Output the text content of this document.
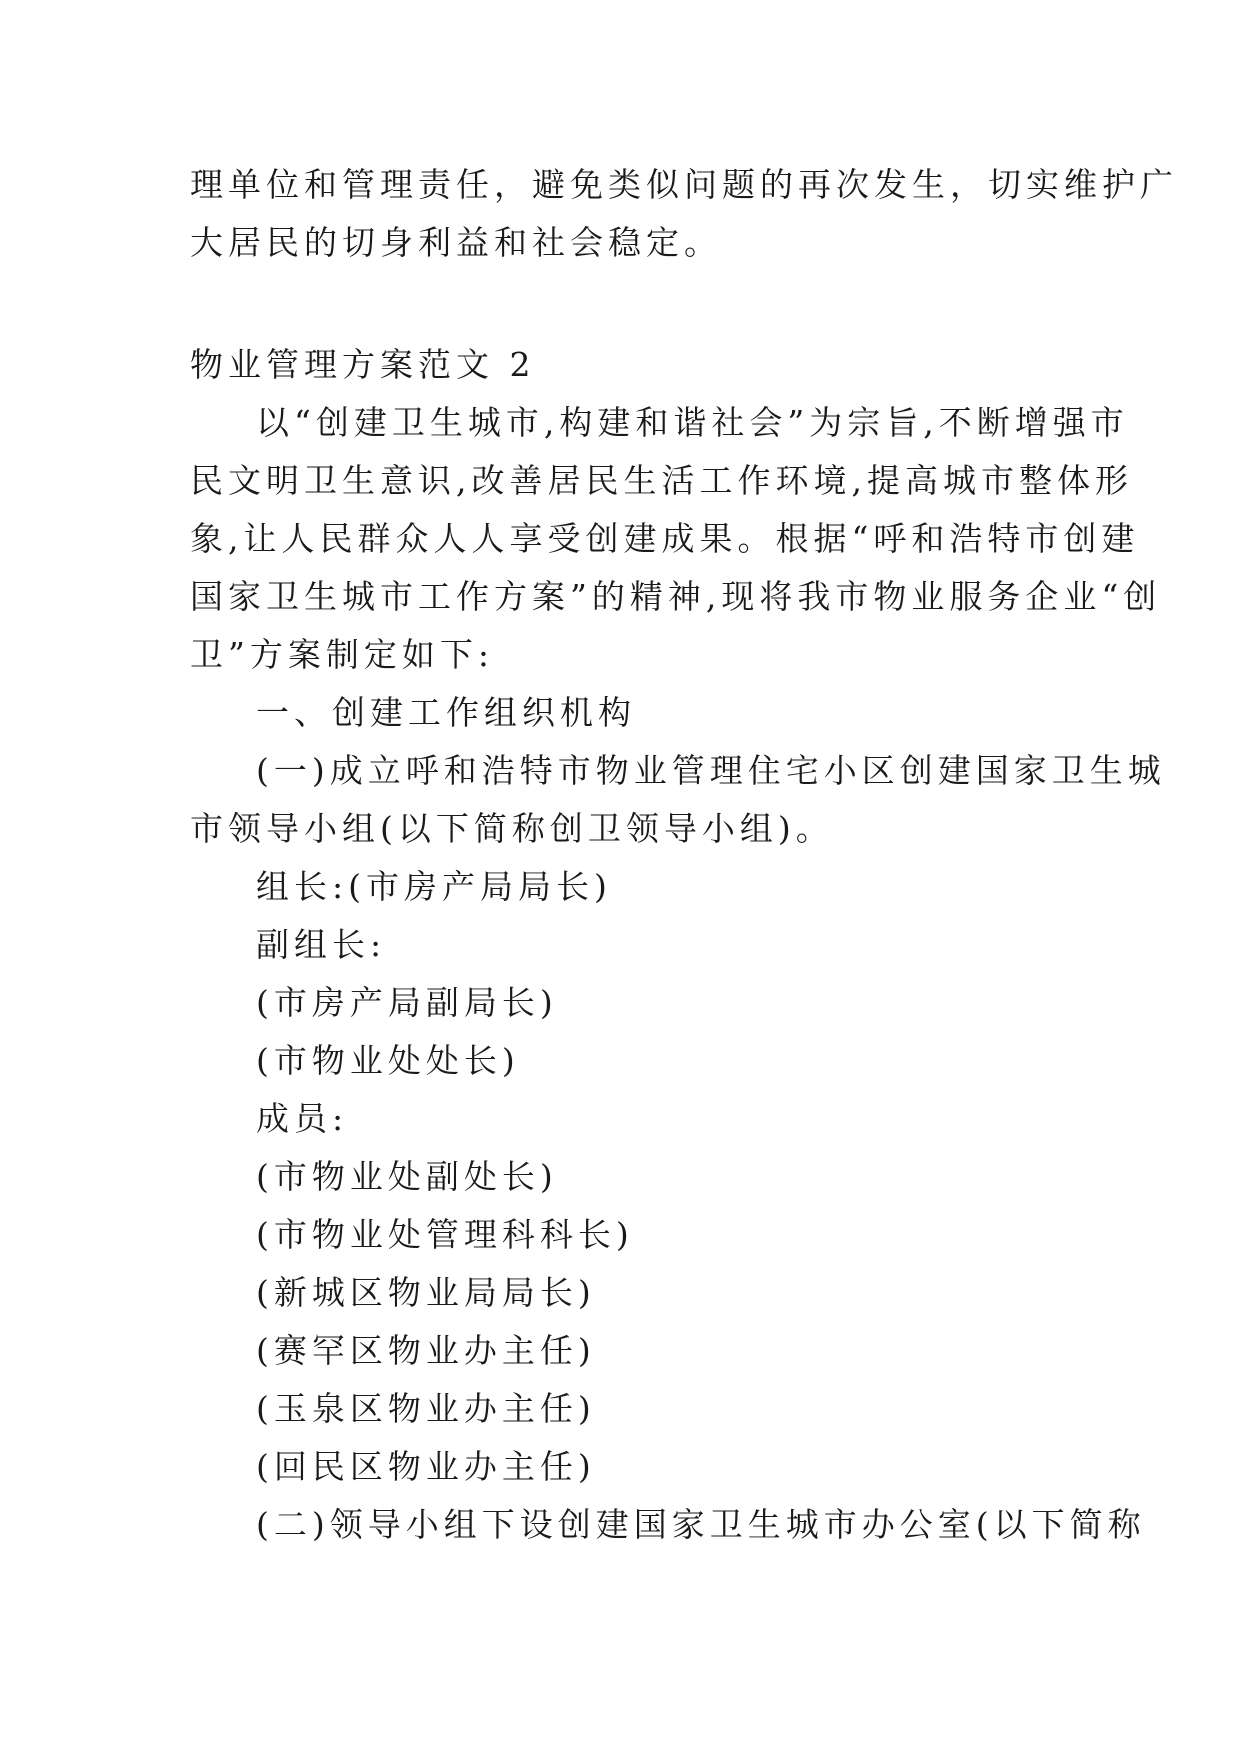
理单位和管理责任，避免类似问题的再次发生，切实维护广
大居民的切身利益和社会稳定。
物业管理方案范文 2
以“创建卫生城市,构建和谐社会”为宗旨,不断增强市
民文明卫生意识,改善居民生活工作环境,提高城市整体形
象,让人民群众人人享受创建成果。根据“呼和浩特市创建
国家卫生城市工作方案”的精神,现将我市物业服务企业“创
卫”方案制定如下:
一、创建工作组织机构
(一)成立呼和浩特市物业管理住宅小区创建国家卫生城
市领导小组(以下简称创卫领导小组)。
组长:(市房产局局长)
副组长:
(市房产局副局长)
(市物业处处长)
成员:
(市物业处副处长)
(市物业处管理科科长)
(新城区物业局局长)
(赛罕区物业办主任)
(玉泉区物业办主任)
(回民区物业办主任)
(二)领导小组下设创建国家卫生城市办公室(以下简称
